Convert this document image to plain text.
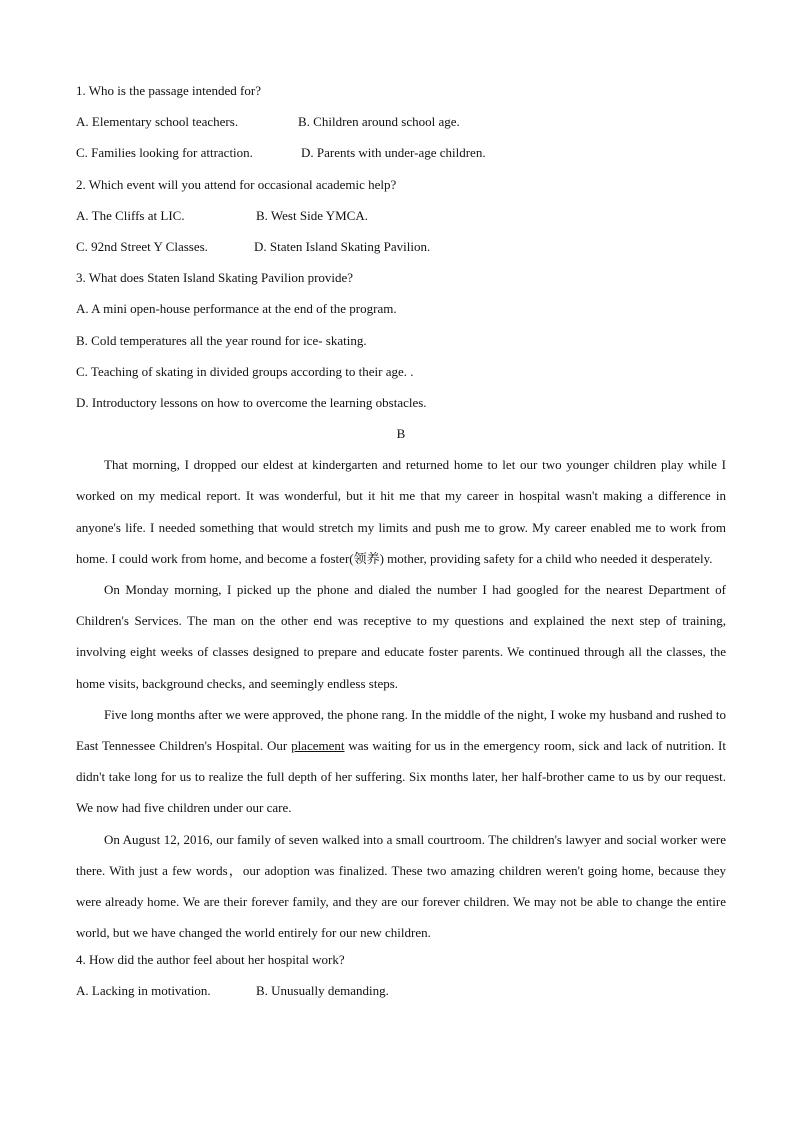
1. Who is the passage intended for?
A. Elementary school teachers.	B. Children around school age.
C. Families looking for attraction.	D. Parents with under-age children.
2. Which event will you attend for occasional academic help?
A. The Cliffs at LIC.	B. West Side YMCA.
C. 92nd Street Y Classes.	D. Staten Island Skating Pavilion.
3. What does Staten Island Skating Pavilion provide?
A. A mini open-house performance at the end of the program.
B. Cold temperatures all the year round for ice- skating.
C. Teaching of skating in divided groups according to their age. .
D. Introductory lessons on how to overcome the learning obstacles.
B

That morning, I dropped our eldest at kindergarten and returned home to let our two younger children play while I worked on my medical report. It was wonderful, but it hit me that my career in hospital wasn't making a difference in anyone's life. I needed something that would stretch my limits and push me to grow. My career enabled me to work from home. I could work from home, and become a foster(领养) mother, providing safety for a child who needed it desperately.

On Monday morning, I picked up the phone and dialed the number I had googled for the nearest Department of Children's Services. The man on the other end was receptive to my questions and explained the next step of training, involving eight weeks of classes designed to prepare and educate foster parents. We continued through all the classes, the home visits, background checks, and seemingly endless steps.

Five long months after we were approved, the phone rang. In the middle of the night, I woke my husband and rushed to East Tennessee Children's Hospital. Our placement was waiting for us in the emergency room, sick and lack of nutrition. It didn't take long for us to realize the full depth of her suffering. Six months later, her half-brother came to us by our request. We now had five children under our care.

On August 12, 2016, our family of seven walked into a small courtroom. The children's lawyer and social worker were there. With just a few words，our adoption was finalized. These two amazing children weren't going home, because they were already home. We are their forever family, and they are our forever children. We may not be able to change the entire world, but we have changed the world entirely for our new children.

4. How did the author feel about her hospital work?
A. Lacking in motivation.	B. Unusually demanding.
